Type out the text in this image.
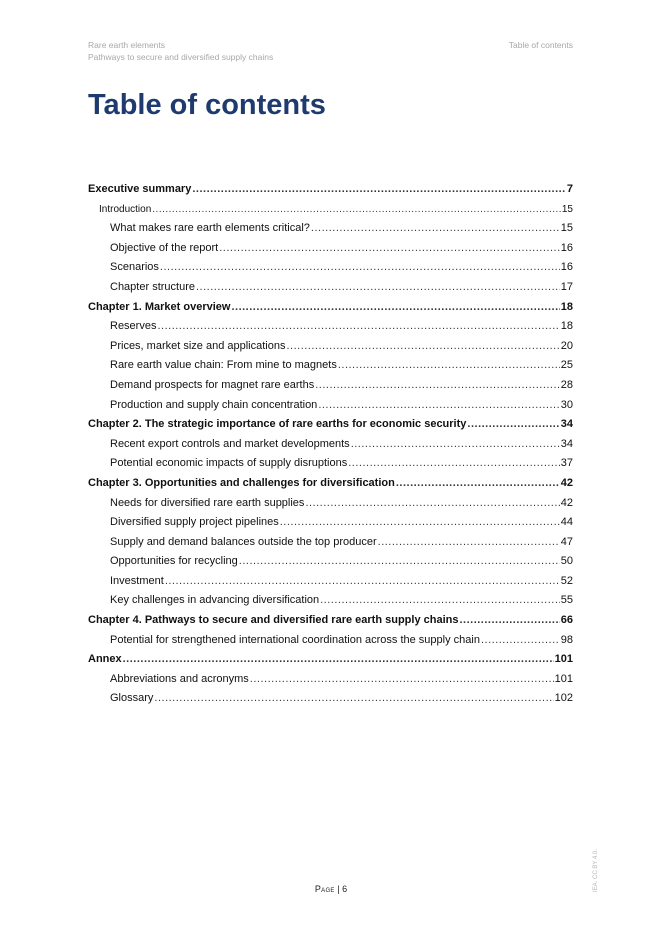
Rare earth elements
Pathways to secure and diversified supply chains
Table of contents
Table of contents
Executive summary .....	7
Introduction .....	15
What makes rare earth elements critical? .....	15
Objective of the report .....	16
Scenarios .....	16
Chapter structure .....	17
Chapter 1. Market overview .....	18
Reserves .....	18
Prices, market size and applications .....	20
Rare earth value chain: From mine to magnets .....	25
Demand prospects for magnet rare earths .....	28
Production and supply chain concentration .....	30
Chapter 2. The strategic importance of rare earths for economic security .....	34
Recent export controls and market developments .....	34
Potential economic impacts of supply disruptions .....	37
Chapter 3. Opportunities and challenges for diversification .....	42
Needs for diversified rare earth supplies .....	42
Diversified supply project pipelines .....	44
Supply and demand balances outside the top producer .....	47
Opportunities for recycling .....	50
Investment .....	52
Key challenges in advancing diversification .....	55
Chapter 4. Pathways to secure and diversified rare earth supply chains .....	66
Potential for strengthened international coordination across the supply chain .....	98
Annex .....	101
Abbreviations and acronyms .....	101
Glossary .....	102
Page | 6	IEA. CC BY 4.0.
